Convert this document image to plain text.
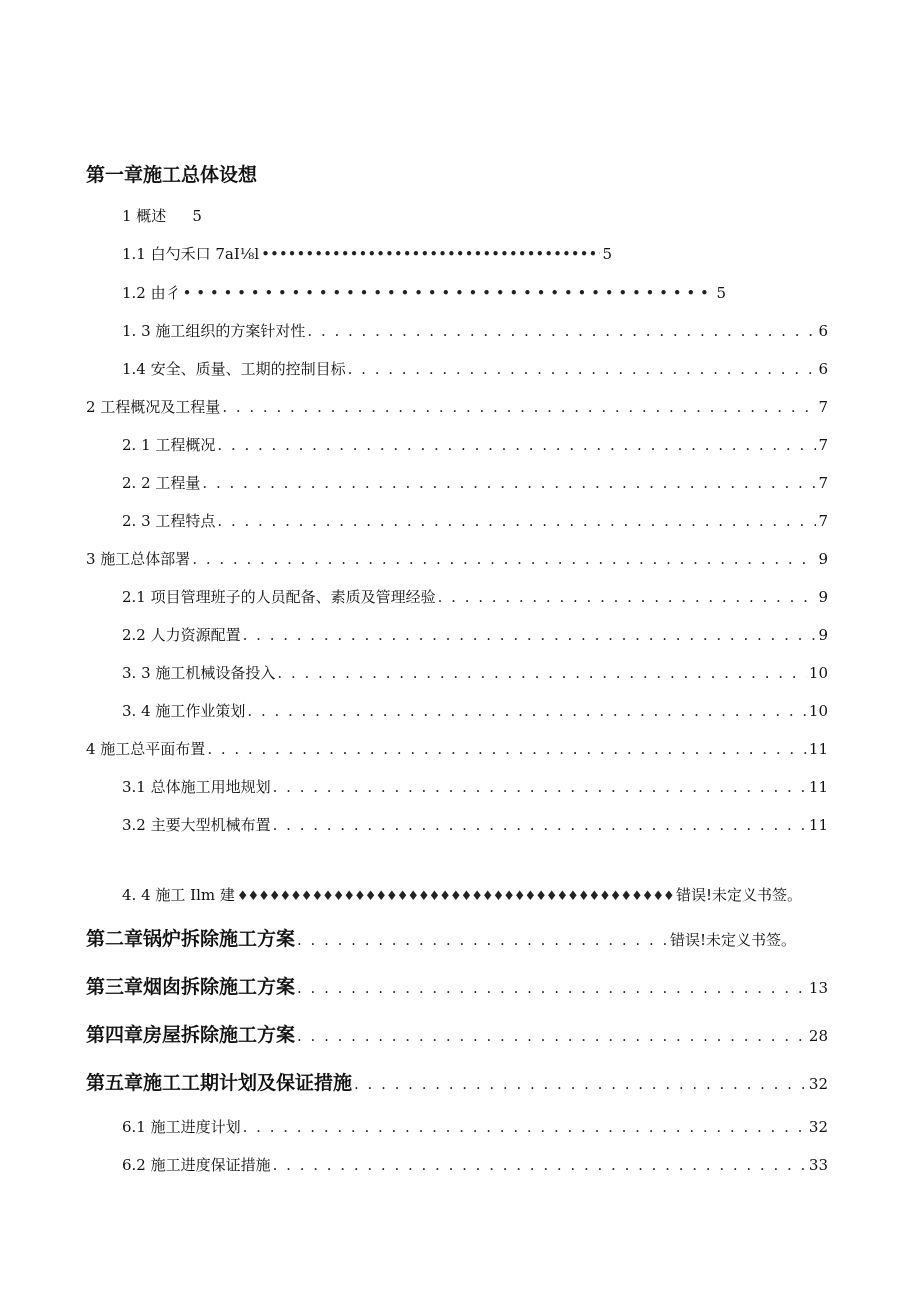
第一章施工总体设想
1 概述 5
1.1 白勺禾口 7aI⅛l •••••	5
1.2 由彳 • • •	5
1. 3 施工组织的方案针对性 . . .	6
1.4 安全、质量、工期的控制目标 . . .	6
2 工程概况及工程量 . . .	7
2. 1 工程概况 . . .	7
2. 2 工程量 . . .	7
2. 3 工程特点 . . .	7
3 施工总体部署 . . .	9
2.1 项目管理班子的人员配备、素质及管理经验 . . .	9
2.2 人力资源配置 . . .	9
3. 3 施工机械设备投入 . . .	10
3. 4 施工作业策划 . . .	10
4 施工总平面布置 . . .	11
3.1 总体施工用地规划 . . .	11
3.2 主要大型机械布置 . . .	11
4. 4 施工 Ilm 建 ♦♦♦♦♦♦♦♦♦♦♦♦♦♦♦♦♦♦♦♦♦♦♦♦♦♦♦♦♦♦♦♦♦♦♦♦♦♦♦♦♦♦♦♦♦♦♦♦♦♦♦♦♦♦♦♦♦♦♦♦♦♦♦♦♦♦♦♦	错误!未定义书签。
第二章锅炉拆除施工方案 . . .	错误!未定义书签。
第三章烟囱拆除施工方案 . . .	13
第四章房屋拆除施工方案 . . .	28
第五章施工工期计划及保证措施 . . .	32
6.1 施工进度计划 . . .	32
6.2 施工进度保证措施 . . .	33
